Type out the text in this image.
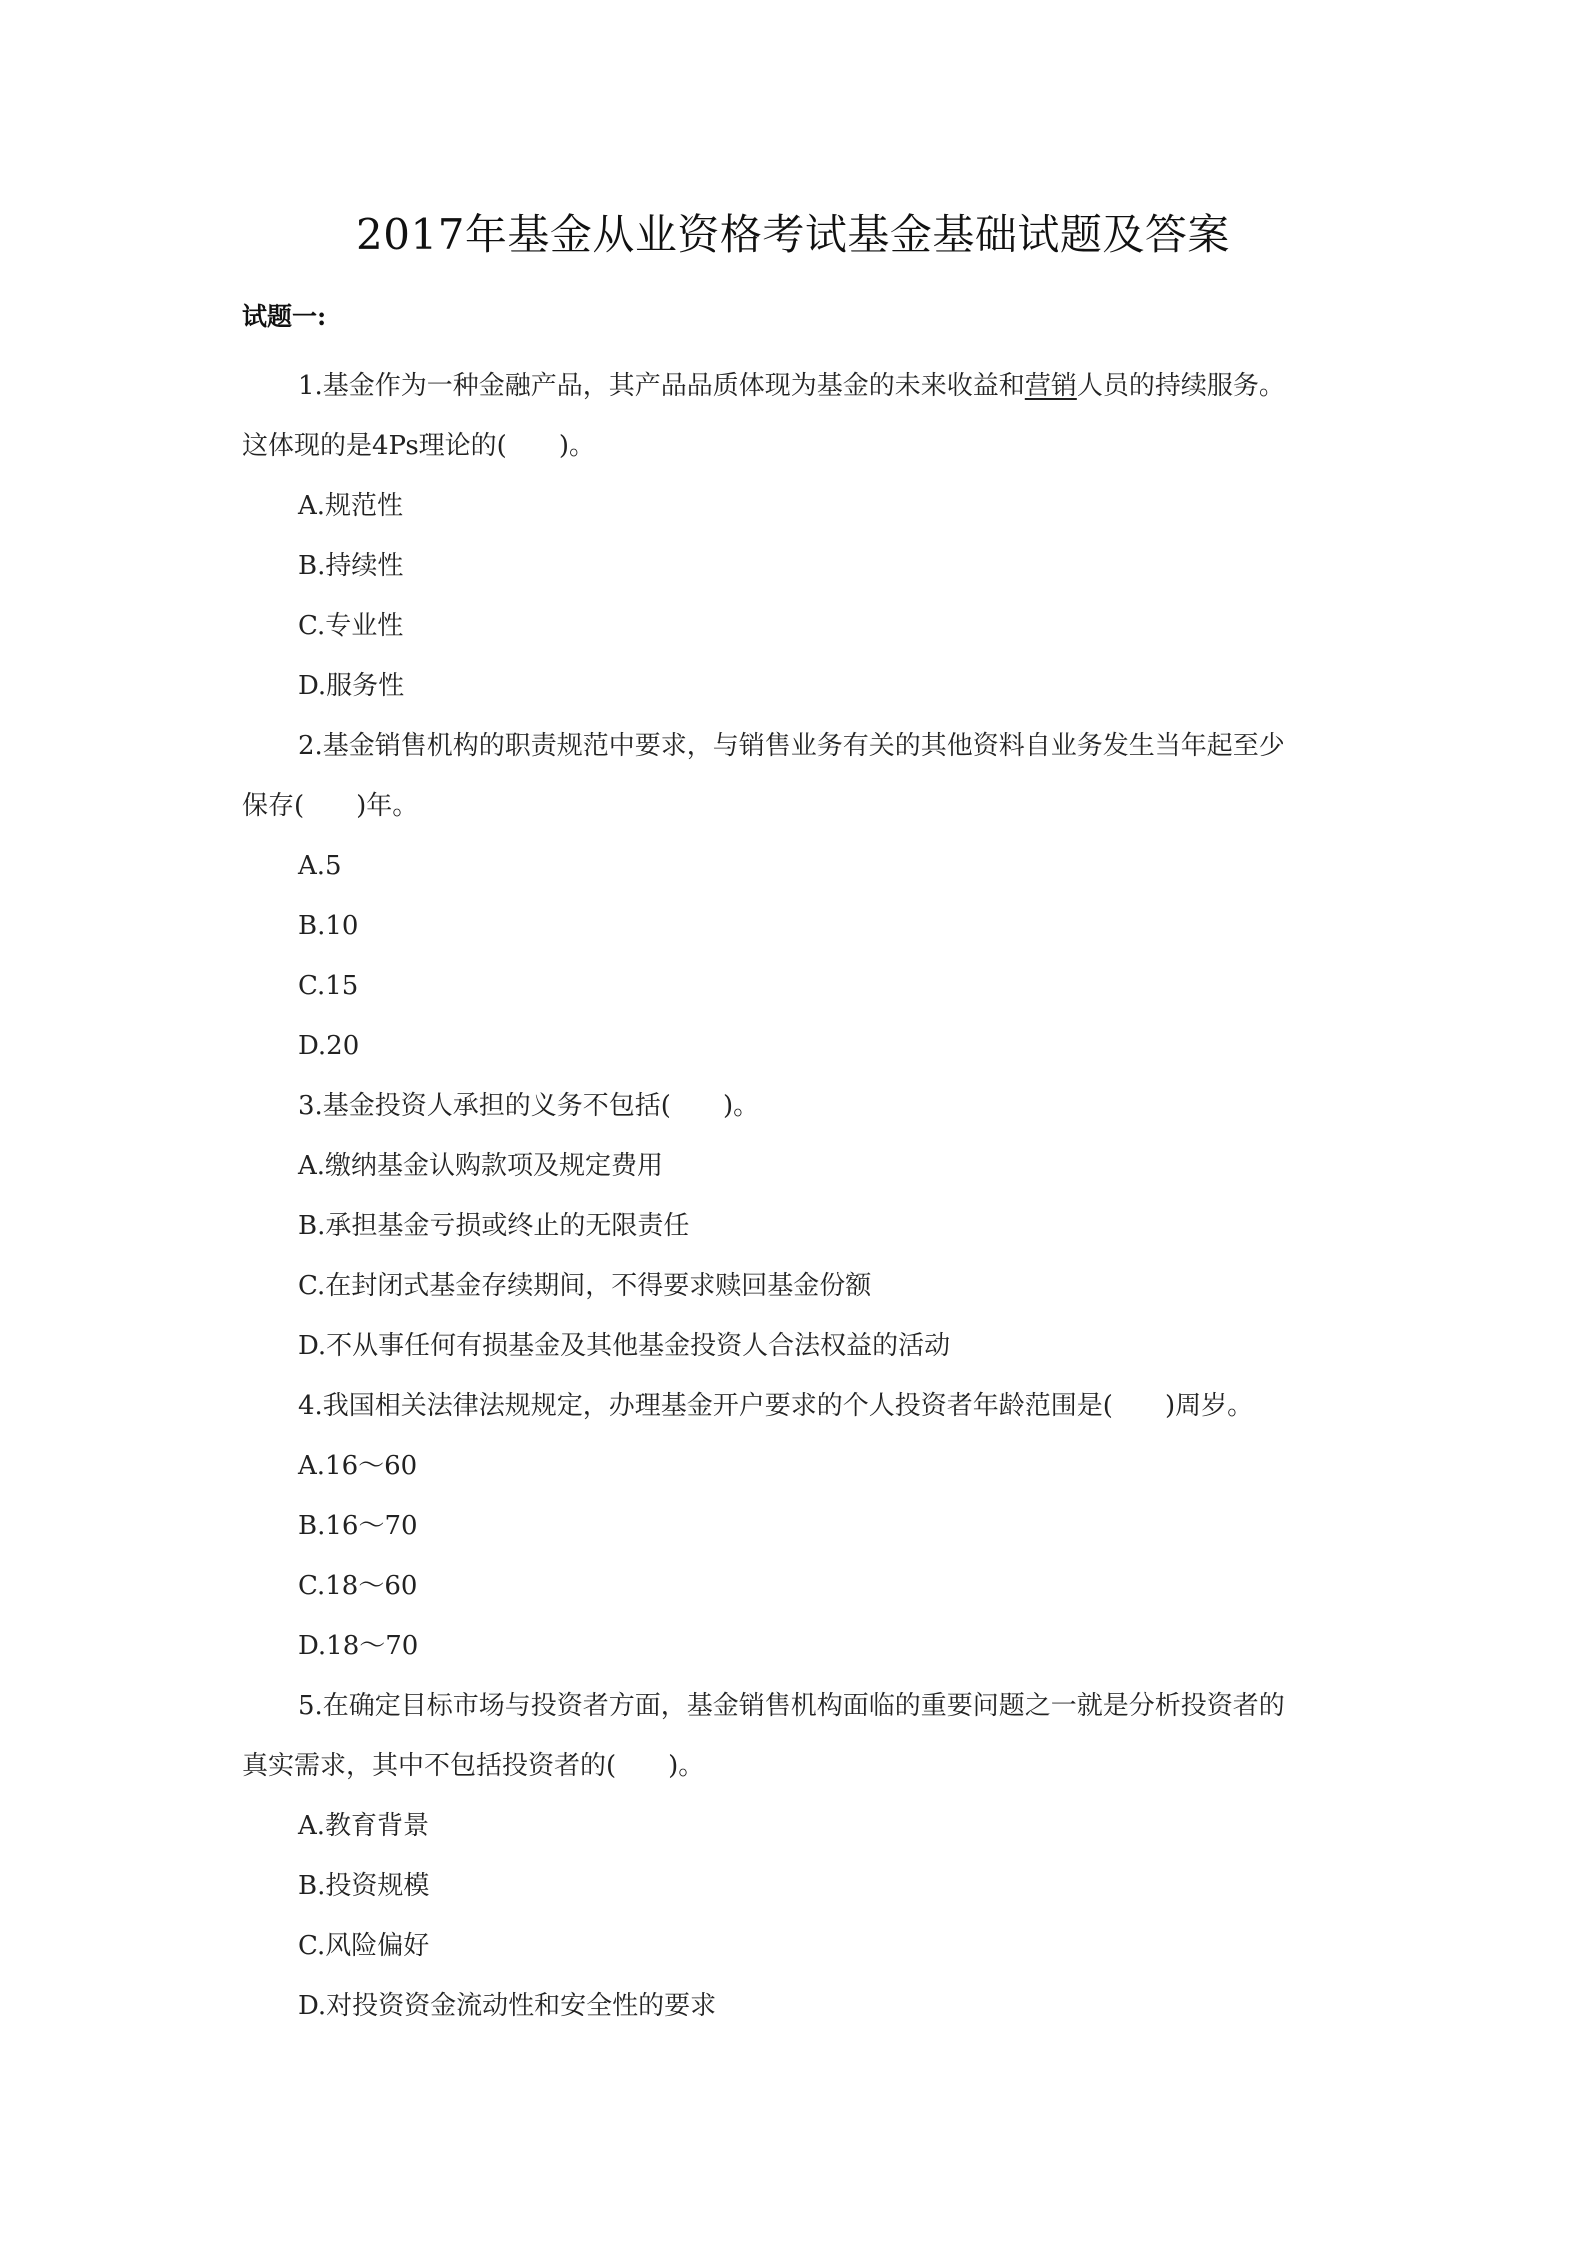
2017年基金从业资格考试基金基础试题及答案
试题一:
1.基金作为一种金融产品，其产品品质体现为基金的未来收益和营销人员的持续服务。
这体现的是4Ps理论的(　　)。
A.规范性
B.持续性
C.专业性
D.服务性
2.基金销售机构的职责规范中要求，与销售业务有关的其他资料自业务发生当年起至少
保存(　　)年。
A.5
B.10
C.15
D.20
3.基金投资人承担的义务不包括(　　)。
A.缴纳基金认购款项及规定费用
B.承担基金亏损或终止的无限责任
C.在封闭式基金存续期间，不得要求赎回基金份额
D.不从事任何有损基金及其他基金投资人合法权益的活动
4.我国相关法律法规规定，办理基金开户要求的个人投资者年龄范围是(　　)周岁。
A.16～60
B.16～70
C.18～60
D.18～70
5.在确定目标市场与投资者方面，基金销售机构面临的重要问题之一就是分析投资者的
真实需求，其中不包括投资者的(　　)。
A.教育背景
B.投资规模
C.风险偏好
D.对投资资金流动性和安全性的要求
